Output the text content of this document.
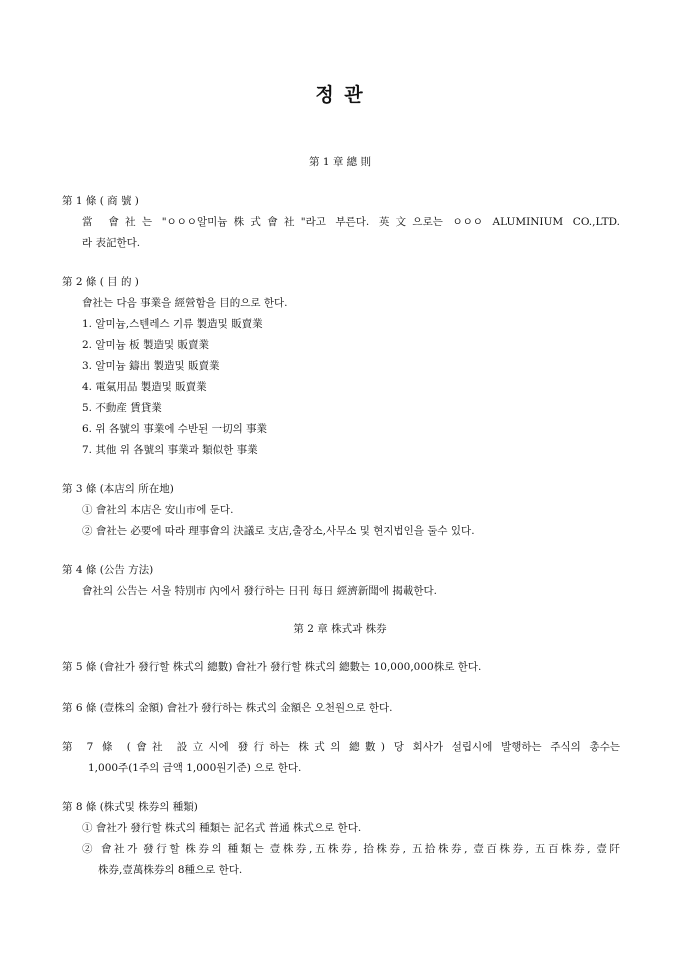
정 관
第 1 章 總 則
第 1 條 ( 商 號 )
當 會社는 "ㅇㅇㅇ알미늄株式會社"라고 부른다. 英文으로는 ㅇㅇㅇ ALUMINIUM CO.,LTD.
라 表記한다.
第 2 條 ( 目 的 )
會社는 다음 事業을 經營함을 目的으로 한다.
1. 알미늄,스텐레스 기류 製造및 販賣業
2. 알미늄 板 製造및 販賣業
3. 알미늄 鑄出 製造및 販賣業
4. 電氣用品 製造및 販賣業
5. 不動産 賃貸業
6. 위 各號의 事業에 수반된 一切의 事業
7. 其他 위 各號의 事業과 類似한 事業
第 3 條 (本店의 所在地)
① 會社의 本店은 安山市에 둔다.
② 會社는 必要에 따라 理事會의 決議로 支店,출장소,사무소 및 현지법인을 둘수 있다.
第 4 條 (公告 方法)
會社의 公告는 서울 特別市 內에서 發行하는 日刊 每日 經濟新聞에 揭載한다.
第 2 章 株式과 株券
第 5 條 (會社가 發行할 株式의 總數) 會社가 發行할 株式의 總數는 10,000,000株로 한다.
第 6 條 (壹株의 金額) 會社가 發行하는 株式의 金額은 오천원으로 한다.
第 7 條 (會社 設立시에 發行하는 株式의 總數) 당 회사가 설립시에 발행하는 주식의 총수는
1,000주(1주의 금액 1,000원기준) 으로 한다.
第 8 條 (株式및 株券의 種類)
① 會社가 發行할 株式의 種類는 記名式 普通 株式으로 한다.
② 會社가 發行할 株券의 種類는 壹株券,五株券, 拾株券, 五拾株券, 壹百株券, 五百株券, 壹阡
株券,壹萬株券의 8種으로 한다.
